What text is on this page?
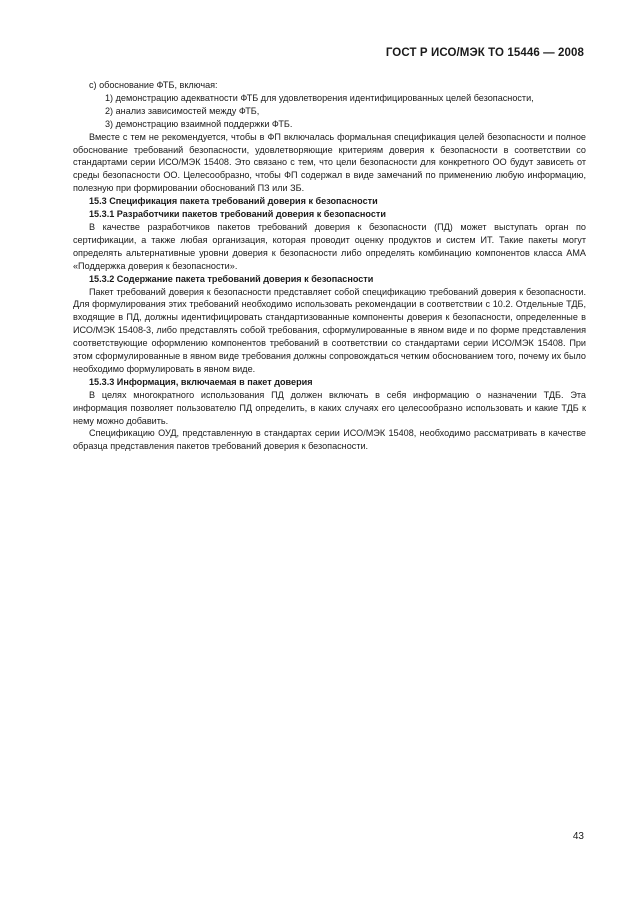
ГОСТ Р ИСО/МЭК ТО 15446 — 2008

с) обоснование ФТБ, включая:

1) демонстрацию адекватности ФТБ для удовлетворения идентифицированных целей безопасности,

2) анализ зависимостей между ФТБ,

3) демонстрацию взаимной поддержки ФТБ.

Вместе с тем не рекомендуется, чтобы в ФП включалась формальная спецификация целей безопасности и полное обоснование требований безопасности, удовлетворяющие критериям доверия к безопасности в соответствии со стандартами серии ИСО/МЭК 15408. Это связано с тем, что цели безопасности для конкретного ОО будут зависеть от среды безопасности ОО. Целесообразно, чтобы ФП содержал в виде замечаний по применению любую информацию, полезную при формировании обоснований ПЗ или ЗБ.

15.3 Спецификация пакета требований доверия к безопасности

15.3.1 Разработчики пакетов требований доверия к безопасности

В качестве разработчиков пакетов требований доверия к безопасности (ПД) может выступать орган по сертификации, а также любая организация, которая проводит оценку продуктов и систем ИТ. Такие пакеты могут определять альтернативные уровни доверия к безопасности либо определять комбинацию компонентов класса АМА «Поддержка доверия к безопасности».

15.3.2 Содержание пакета требований доверия к безопасности

Пакет требований доверия к безопасности представляет собой спецификацию требований доверия к безопасности. Для формулирования этих требований необходимо использовать рекомендации в соответствии с 10.2. Отдельные ТДБ, входящие в ПД, должны идентифицировать стандартизованные компоненты доверия к безопасности, определенные в ИСО/МЭК 15408-3, либо представлять собой требования, сформулированные в явном виде и по форме представления соответствующие оформлению компонентов требований в соответствии со стандартами серии ИСО/МЭК 15408. При этом сформулированные в явном виде требования должны сопровождаться четким обоснованием того, почему их было необходимо формулировать в явном виде.

15.3.3 Информация, включаемая в пакет доверия

В целях многократного использования ПД должен включать в себя информацию о назначении ТДБ. Эта информация позволяет пользователю ПД определить, в каких случаях его целесообразно использовать и какие ТДБ к нему можно добавить.

Спецификацию ОУД, представленную в стандартах серии ИСО/МЭК 15408, необходимо рассматривать в качестве образца представления пакетов требований доверия к безопасности.

43
